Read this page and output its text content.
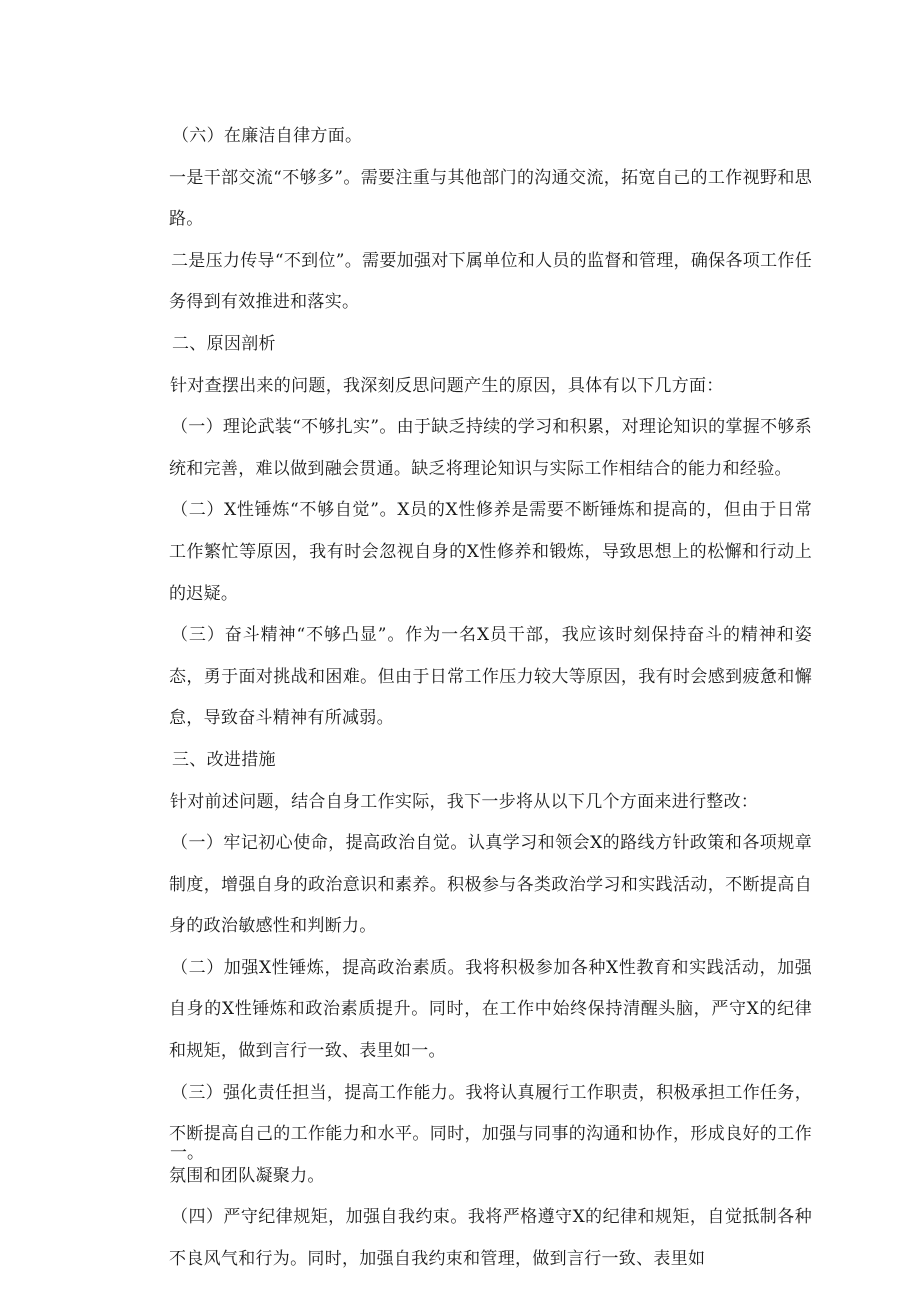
（六）在廉洁自律方面。

一是干部交流“不够多”。需要注重与其他部门的沟通交流，拓宽自己的工作视野和思路。

二是压力传导“不到位”。需要加强对下属单位和人员的监督和管理，确保各项工作任务得到有效推进和落实。

二、原因剖析

针对查摆出来的问题，我深刻反思问题产生的原因，具体有以下几方面：

（一）理论武装“不够扎实”。由于缺乏持续的学习和积累，对理论知识的掌握不够系统和完善，难以做到融会贯通。缺乏将理论知识与实际工作相结合的能力和经验。

（二）X性锤炼“不够自觉”。X员的X性修养是需要不断锤炼和提高的，但由于日常工作繁忙等原因，我有时会忽视自身的X性修养和锻炼，导致思想上的松懈和行动上的迟疑。

（三）奋斗精神“不够凸显”。作为一名X员干部，我应该时刻保持奋斗的精神和姿态，勇于面对挑战和困难。但由于日常工作压力较大等原因，我有时会感到疲惫和懈怠，导致奋斗精神有所减弱。

三、改进措施

针对前述问题，结合自身工作实际，我下一步将从以下几个方面来进行整改：

（一）牢记初心使命，提高政治自觉。认真学习和领会X的路线方针政策和各项规章制度，增强自身的政治意识和素养。积极参与各类政治学习和实践活动，不断提高自身的政治敏感性和判断力。

（二）加强X性锤炼，提高政治素质。我将积极参加各种X性教育和实践活动，加强自身的X性锤炼和政治素质提升。同时，在工作中始终保持清醒头脑，严守X的纪律和规矩，做到言行一致、表里如一。

（三）强化责任担当，提高工作能力。我将认真履行工作职责，积极承担工作任务，不断提高自己的工作能力和水平。同时，加强与同事的沟通和协作，形成良好的工作氛围和团队凝聚力。

（四）严守纪律规矩，加强自我约束。我将严格遵守X的纪律和规矩，自觉抵制各种不良风气和行为。同时，加强自我约束和管理，做到言行一致、表里如

一。
